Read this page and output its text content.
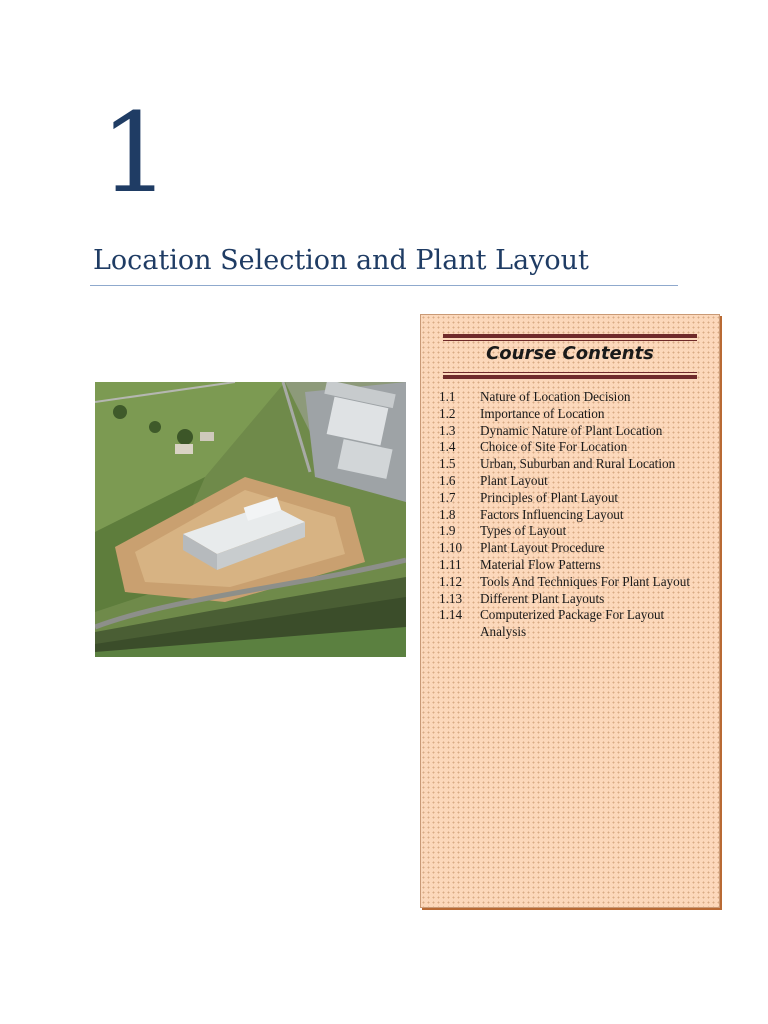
1
Location Selection and Plant Layout
Course Contents
1.1	Nature of Location Decision
1.2	Importance of Location
1.3	Dynamic Nature of Plant Location
1.4	Choice of Site For Location
1.5	Urban, Suburban and Rural Location
1.6	Plant Layout
1.7	Principles of Plant Layout
1.8	Factors Influencing Layout
1.9	Types of Layout
1.10	Plant Layout Procedure
1.11	Material Flow Patterns
1.12	Tools And Techniques For Plant Layout
1.13	Different Plant Layouts
1.14	Computerized Package For Layout Analysis
